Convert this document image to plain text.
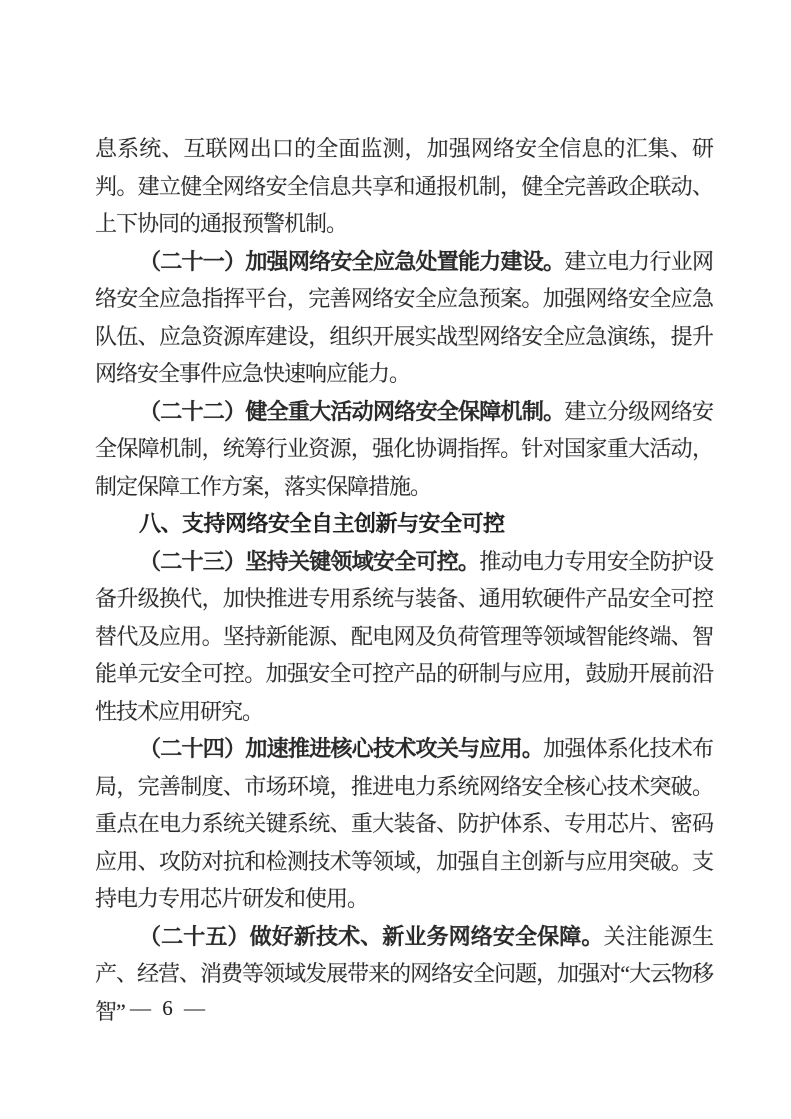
息系统、互联网出口的全面监测，加强网络安全信息的汇集、研判。建立健全网络安全信息共享和通报机制，健全完善政企联动、上下协同的通报预警机制。

（二十一）加强网络安全应急处置能力建设。建立电力行业网络安全应急指挥平台，完善网络安全应急预案。加强网络安全应急队伍、应急资源库建设，组织开展实战型网络安全应急演练，提升网络安全事件应急快速响应能力。

（二十二）健全重大活动网络安全保障机制。建立分级网络安全保障机制，统筹行业资源，强化协调指挥。针对国家重大活动，制定保障工作方案，落实保障措施。

八、支持网络安全自主创新与安全可控

（二十三）坚持关键领域安全可控。推动电力专用安全防护设备升级换代，加快推进专用系统与装备、通用软硬件产品安全可控替代及应用。坚持新能源、配电网及负荷管理等领域智能终端、智能单元安全可控。加强安全可控产品的研制与应用，鼓励开展前沿性技术应用研究。

（二十四）加速推进核心技术攻关与应用。加强体系化技术布局，完善制度、市场环境，推进电力系统网络安全核心技术突破。重点在电力系统关键系统、重大装备、防护体系、专用芯片、密码应用、攻防对抗和检测技术等领域，加强自主创新与应用突破。支持电力专用芯片研发和使用。

（二十五）做好新技术、新业务网络安全保障。关注能源生产、经营、消费等领域发展带来的网络安全问题，加强对“大云物移智” — 6 —
